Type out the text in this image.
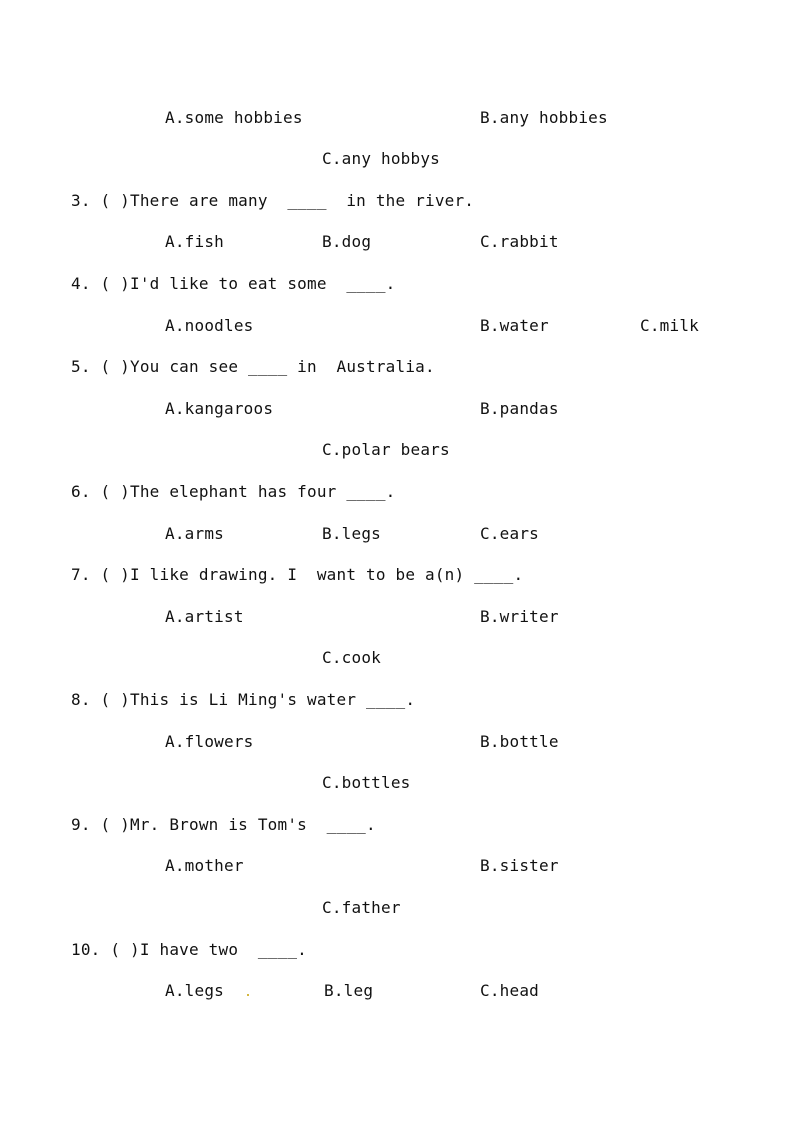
A.some hobbies	B.any hobbies
C.any hobbys
3. ( )There are many  ____  in the river.
A.fish	B.dog	C.rabbit
4. ( )I'd like to eat some  ____.
A.noodles	B.water	C.milk
5. ( )You can see ____ in  Australia.
A.kangaroos	B.pandas
C.polar bears
6. ( )The elephant has four ____.
A.arms	B.legs	C.ears
7. ( )I like drawing. I  want to be a(n) ____.
A.artist	B.writer
C.cook
8. ( )This is Li Ming's water ____.
A.flowers	B.bottle
C.bottles
9. ( )Mr. Brown is Tom's  ____.
A.mother	B.sister
C.father
10. ( )I have two  ____.
A.legs	B.leg	C.head
